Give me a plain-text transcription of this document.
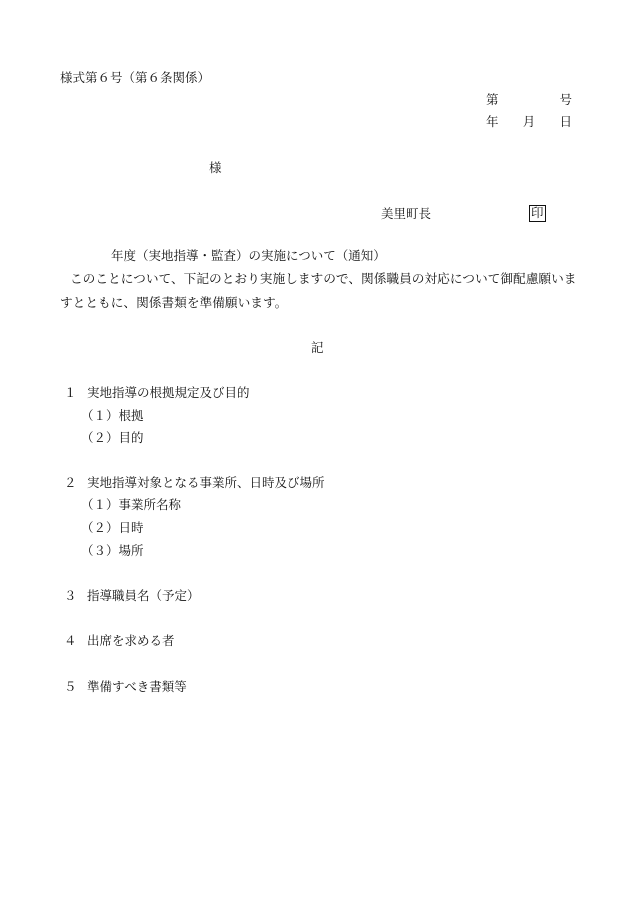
様式第６号（第６条関係）
第	号
年 月 日
様
美里町長	印
年度（実地指導・監査）の実施について（通知）
このことについて、下記のとおり実施しますので、関係職員の対応について御配慮願いま
すとともに、関係書類を準備願います。
記
１ 実地指導の根拠規定及び目的
（１）根拠
（２）目的
２ 実地指導対象となる事業所、日時及び場所
（１）事業所名称
（２）日時
（３）場所
３ 指導職員名（予定）
４ 出席を求める者
５ 準備すべき書類等
